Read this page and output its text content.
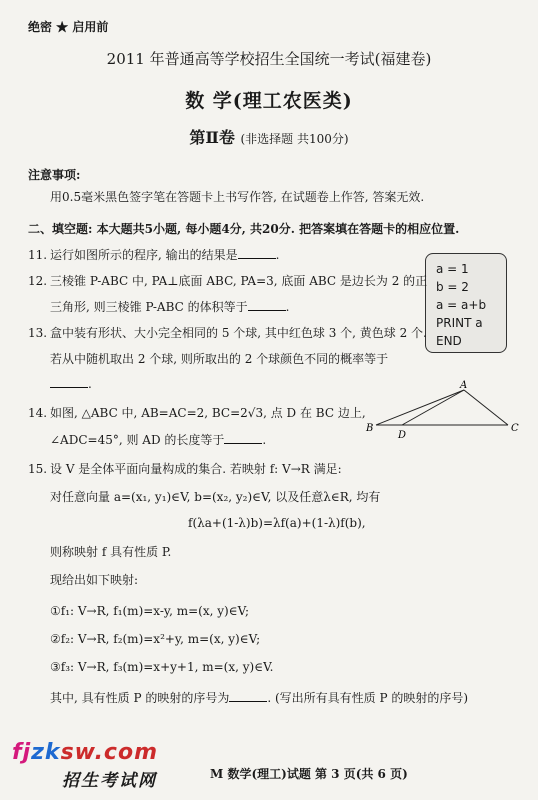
绝密 ★ 启用前
2011 年普通高等学校招生全国统一考试(福建卷)
数 学(理工农医类)
第Ⅱ卷 (非选择题 共100分)
注意事项:
用0.5毫米黑色签字笔在答题卡上书写作答, 在试题卷上作答, 答案无效.
二、填空题: 本大题共5小题, 每小题4分, 共20分. 把答案填在答题卡的相应位置.
11. 运行如图所示的程序, 输出的结果是	.
a = 1
b = 2
a = a+b
PRINT a
END
12. 三棱锥 P-ABC 中, PA⊥底面 ABC, PA=3, 底面 ABC 是边长为 2 的正
三角形, 则三棱锥 P-ABC 的体积等于	.
13. 盒中装有形状、大小完全相同的 5 个球, 其中红色球 3 个, 黄色球 2 个.
若从中随机取出 2 个球, 则所取出的 2 个球颜色不同的概率等于
.	A
B	C
D
14. 如图, △ABC 中, AB=AC=2, BC=2√3, 点 D 在 BC 边上,
∠ADC=45°, 则 AD 的长度等于	.
15. 设 V 是全体平面向量构成的集合. 若映射 f: V→R 满足:
对任意向量 a=(x₁, y₁)∈V, b=(x₂, y₂)∈V, 以及任意λ∈R, 均有
f(λa+(1-λ)b)=λf(a)+(1-λ)f(b),
则称映射 f 具有性质 P.
现给出如下映射:
①f₁: V→R, f₁(m)=x-y, m=(x, y)∈V;
②f₂: V→R, f₂(m)=x²+y, m=(x, y)∈V;
③f₃: V→R, f₃(m)=x+y+1, m=(x, y)∈V.
其中, 具有性质 P 的映射的序号为	. (写出所有具有性质 P 的映射的序号)
M 数学(理工)试题 第 3 页(共 6 页)
fjzksw.com
招生考试网
